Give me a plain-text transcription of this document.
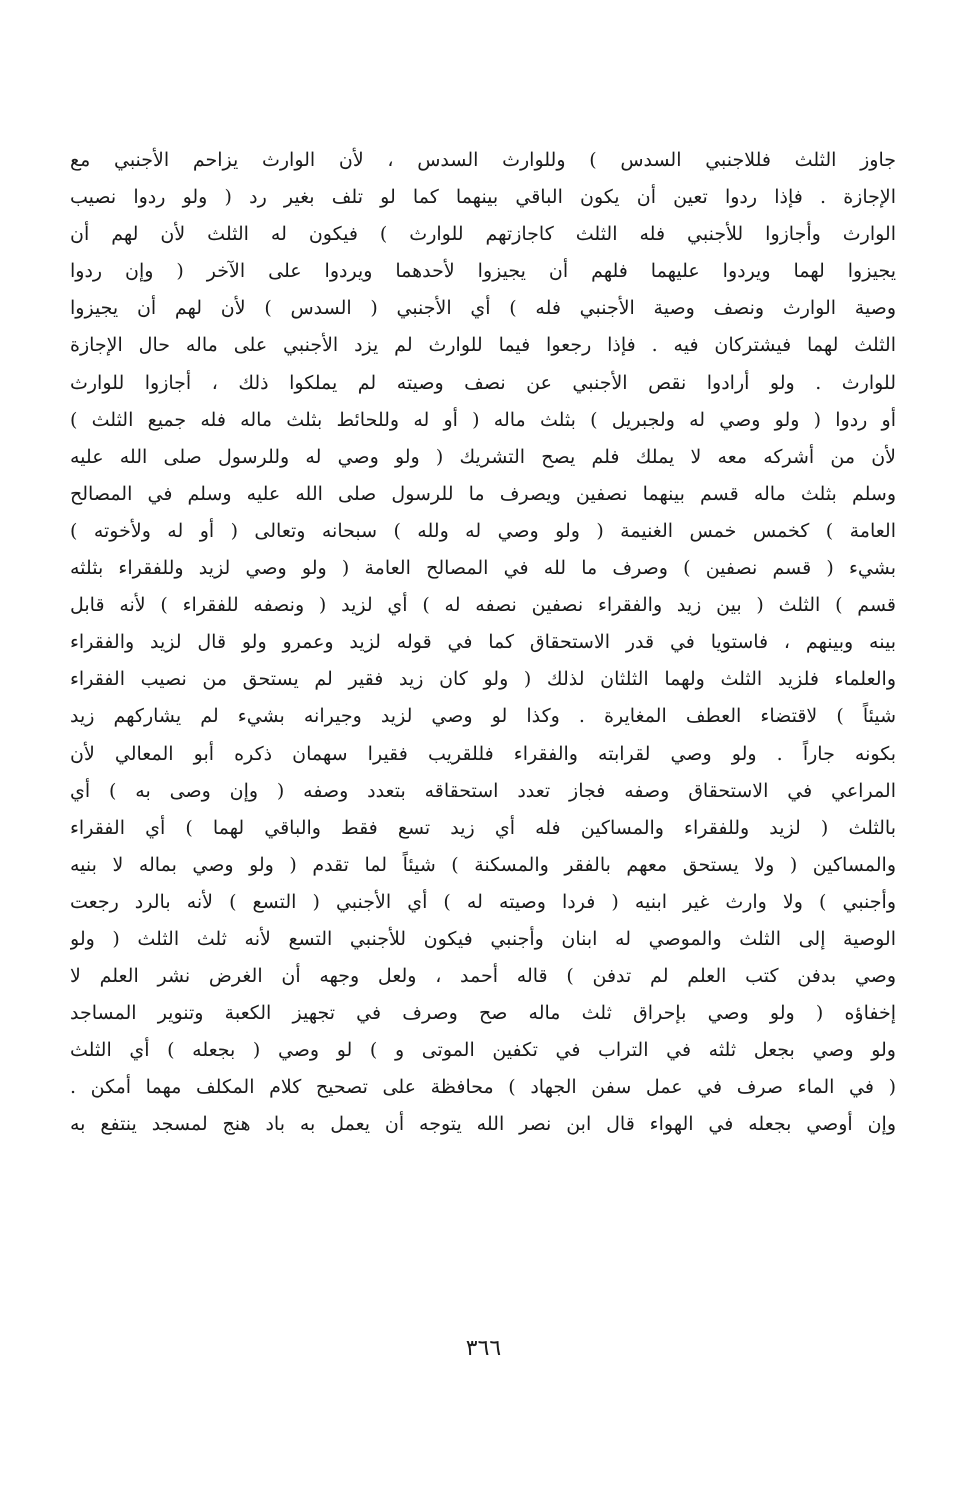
جاوز الثلث فللاجنبي السدس ) وللوارث السدس ، لأن الوارث يزاحم الأجنبي مع
الإجازة . فإذا ردوا تعين أن يكون الباقي بينهما كما لو تلف بغير رد ( ولو ردوا نصيب
الوارث وأجازوا للأجنبي فله الثلث كاجازتهم للوارث ) فيكون له الثلث لأن لهم أن
يجيزوا لهما ويردوا عليهما فلهم أن يجيزوا لأحدهما ويردوا على الآخر ( وإن ردوا
وصية الوارث ونصف وصية الأجنبي فله ) أي الأجنبي ( السدس ) لأن لهم أن يجيزوا
الثلث لهما فيشتركان فيه . فإذا رجعوا فيما للوارث لم يزد الأجنبي على ماله حال الإجازة
للوارث . ولو أرادوا نقص الأجنبي عن نصف وصيته لم يملكوا ذلك ، أجازوا للوارث
أو ردوا ( ولو وصي له ولجبريل ) بثلث ماله ( أو له وللحائط بثلث ماله فله جميع الثلث )
لأن من أشركه معه لا يملك فلم يصح التشريك ( ولو وصي له وللرسول صلى الله عليه
وسلم بثلث ماله قسم بينهما نصفين ويصرف ما للرسول صلى الله عليه وسلم في المصالح
العامة ) كخمس خمس الغنيمة ( ولو وصي له ولله ) سبحانه وتعالى ( أو له ولأخوته )
بشيء ( قسم نصفين ) وصرف ما لله في المصالح العامة ( ولو وصي لزيد وللفقراء بثلثه
قسم ) الثلث ( بين زيد والفقراء نصفين نصفه له ) أي لزيد ( ونصفه للفقراء ) لأنه قابل
بينه وبينهم ، فاستويا في قدر الاستحقاق كما في قوله لزيد وعمرو ولو قال لزيد والفقراء
والعلماء فلزيد الثلث ولهما الثلثان لذلك ( ولو كان زيد فقير لم يستحق من نصيب الفقراء
شيئاً ) لاقتضاء العطف المغايرة . وكذا لو وصي لزيد وجيرانه بشيء لم يشاركهم زيد
بكونه جاراً . ولو وصي لقرابته والفقراء فللقريب فقيرا سهمان ذكره أبو المعالي لأن
المراعي في الاستحقاق وصفه فجاز تعدد استحقاقه بتعدد وصفه ( وإن وصى به ) أي
بالثلث ( لزيد وللفقراء والمساكين فله أي زيد تسع فقط والباقي لهما ) أي الفقراء
والمساكين ( ولا يستحق معهم بالفقر والمسكنة ) شيئاً لما تقدم ( ولو وصي بماله لا بنيه
وأجنبي ) ولا وارث غير ابنيه ( فردا وصيته له ) أي الأجنبي ( التسع ) لأنه بالرد رجعت
الوصية إلى الثلث والموصي له ابنان وأجنبي فيكون للأجنبي التسع لأنه ثلث الثلث ( ولو
وصي بدفن كتب العلم لم تدفن ) قاله أحمد ، ولعل وجهه أن الغرض نشر العلم لا
إخفاؤه ( ولو وصي بإحراق ثلث ماله صح وصرف في تجهيز الكعبة وتنوير المساجد
ولو وصي بجعل ثلثه في التراب في تكفين الموتى و ) لو وصي ( بجعله ) أي الثلث
( في الماء صرف في عمل سفن الجهاد ) محافظة على تصحيح كلام المكلف مهما أمكن .
وإن أوصي بجعله في الهواء قال ابن نصر الله يتوجه أن يعمل به باد هنج لمسجد ينتفع به
٣٦٦
